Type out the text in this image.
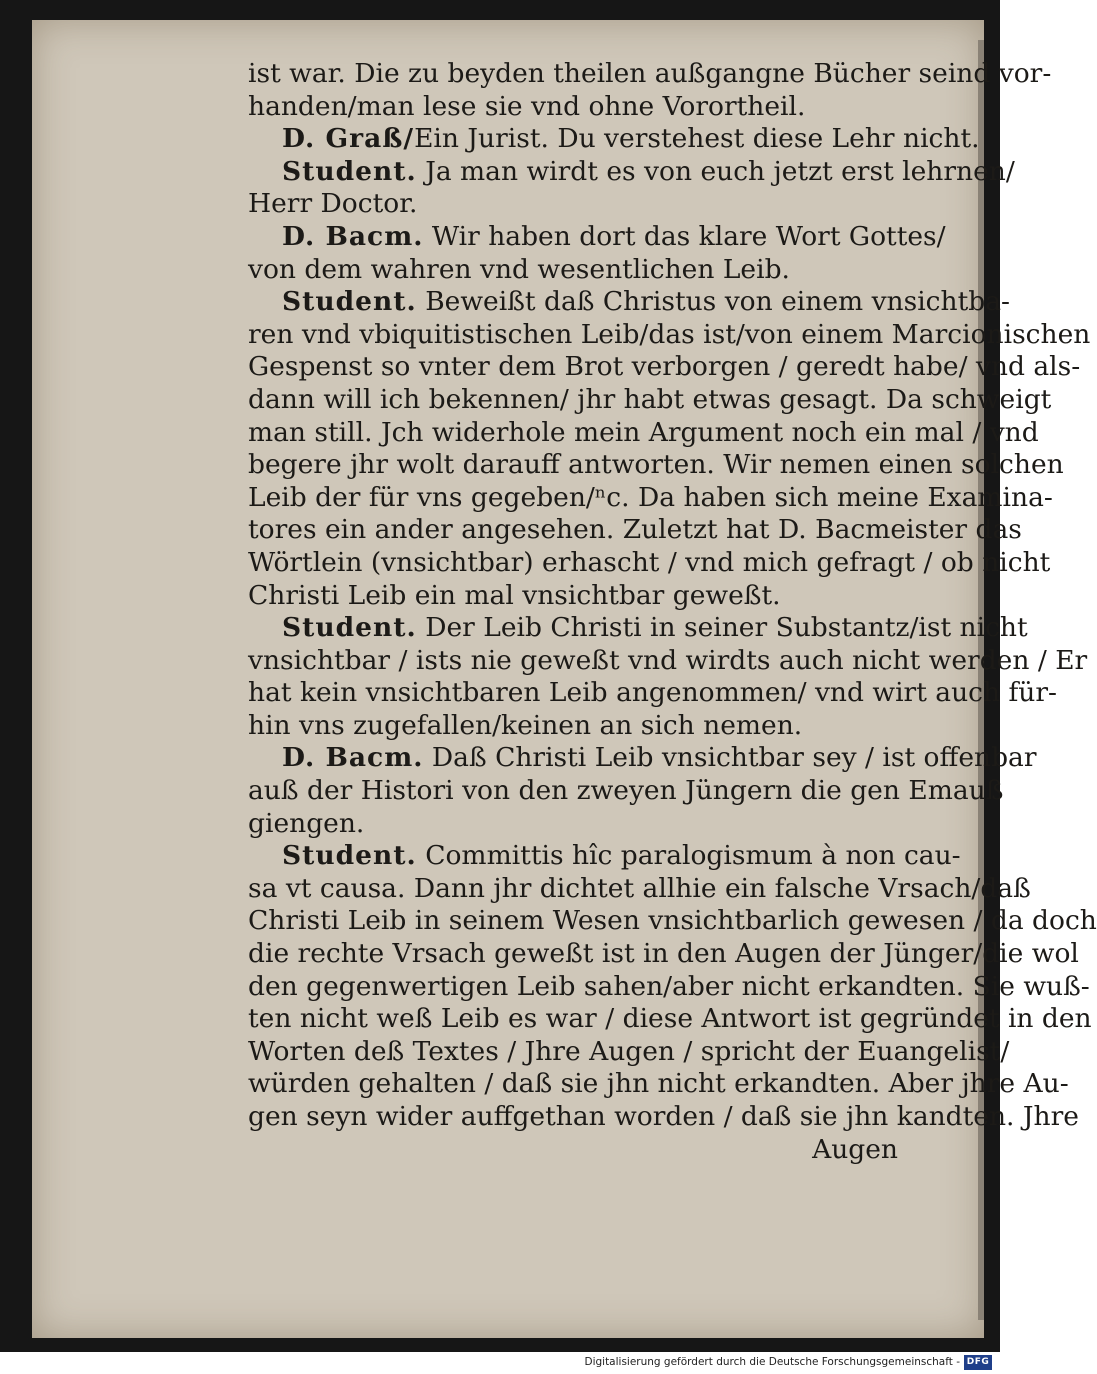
ist war. Die zu beyden theilen außgangne Bücher seind vor-
handen/man lese sie vnd ohne Vorortheil.
D. Graß/Ein Jurist. Du verstehest diese Lehr nicht.
Student. Ja man wirdt es von euch jetzt erst lehrnen/
Herr Doctor.
D. Bacm. Wir haben dort das klare Wort Gottes/
von dem wahren vnd wesentlichen Leib.
Student. Beweißt daß Christus von einem vnsichtba-
ren vnd vbiquitistischen Leib/das ist/von einem Marcionischen
Gespenst so vnter dem Brot verborgen / geredt habe/ vnd als-
dann will ich bekennen/ jhr habt etwas gesagt. Da schweigt
man still. Jch widerhole mein Argument noch ein mal / vnd
begere jhr wolt darauff antworten. Wir nemen einen solchen
Leib der für vns gegeben/ⁿc. Da haben sich meine Examina-
tores ein ander angesehen. Zuletzt hat D. Bacmeister das
Wörtlein (vnsichtbar) erhascht / vnd mich gefragt / ob nicht
Christi Leib ein mal vnsichtbar geweßt.
Student. Der Leib Christi in seiner Substantz/ist nicht
vnsichtbar / ists nie geweßt vnd wirdts auch nicht werden / Er
hat kein vnsichtbaren Leib angenommen/ vnd wirt auch für-
hin vns zugefallen/keinen an sich nemen.
D. Bacm. Daß Christi Leib vnsichtbar sey / ist offenbar
auß der Histori von den zweyen Jüngern die gen Emauß
giengen.
Student. Committis hîc paralogismum à non cau-
sa vt causa. Dann jhr dichtet allhie ein falsche Vrsach/daß
Christi Leib in seinem Wesen vnsichtbarlich gewesen / da doch
die rechte Vrsach geweßt ist in den Augen der Jünger/die wol
den gegenwertigen Leib sahen/aber nicht erkandten. Sie wuß-
ten nicht weß Leib es war / diese Antwort ist gegründet in den
Worten deß Textes / Jhre Augen / spricht der Euangelist/
würden gehalten / daß sie jhn nicht erkandten. Aber jhre Au-
gen seyn wider auffgethan worden / daß sie jhn kandten. Jhre
Augen
Digitalisierung gefördert durch die Deutsche Forschungsgemeinschaft - DFG
